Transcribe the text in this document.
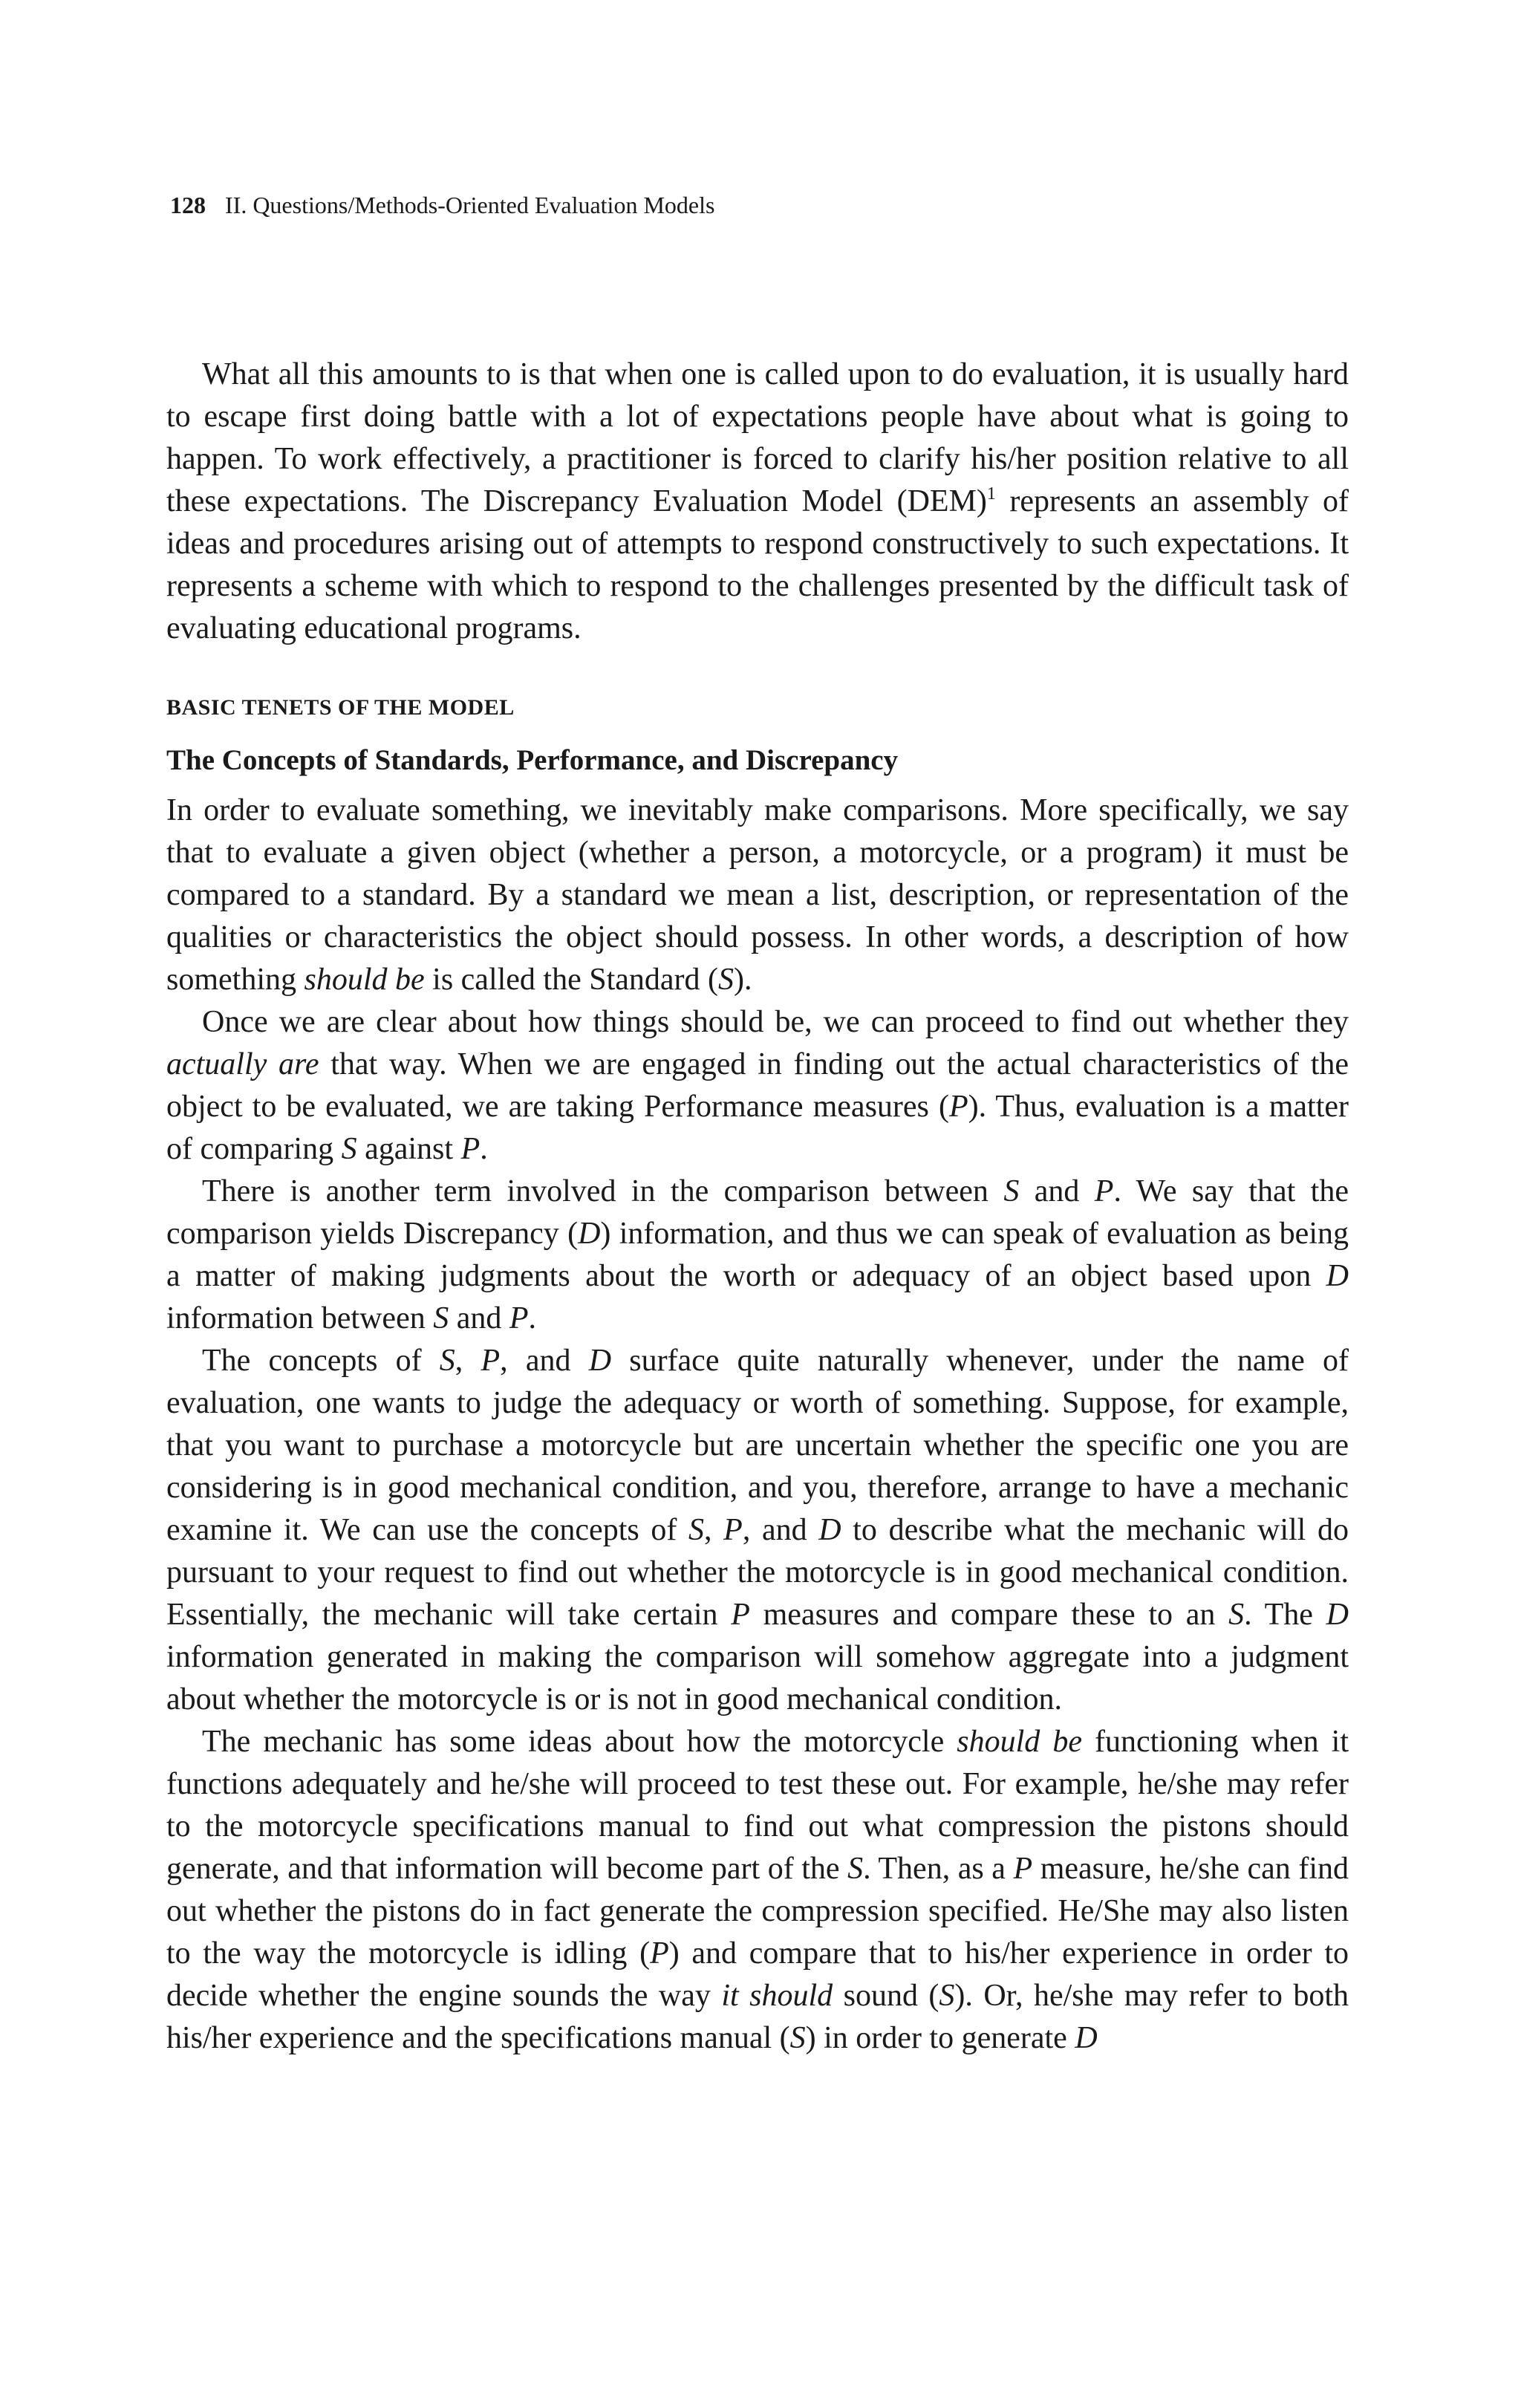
128 II. Questions/Methods-Oriented Evaluation Models

What all this amounts to is that when one is called upon to do evaluation, it is usually hard to escape first doing battle with a lot of expectations people have about what is going to happen. To work effectively, a practitioner is forced to clarify his/her position relative to all these expectations. The Discrepancy Evaluation Model (DEM)$^1$ represents an assembly of ideas and procedures arising out of attempts to respond constructively to such expectations. It represents a scheme with which to respond to the challenges presented by the difficult task of evaluating educational programs.

BASIC TENETS OF THE MODEL
The Concepts of Standards, Performance, and Discrepancy

In order to evaluate something, we inevitably make comparisons. More specifically, we say that to evaluate a given object (whether a person, a motorcycle, or a program) it must be compared to a standard. By a standard we mean a list, description, or representation of the qualities or characteristics the object should possess. In other words, a description of how something should be is called the Standard (S).

Once we are clear about how things should be, we can proceed to find out whether they actually are that way. When we are engaged in finding out the actual characteristics of the object to be evaluated, we are taking Performance measures (P). Thus, evaluation is a matter of comparing S against P.

There is another term involved in the comparison between S and P. We say that the comparison yields Discrepancy (D) information, and thus we can speak of evaluation as being a matter of making judgments about the worth or adequacy of an object based upon D information between S and P.

The concepts of S, P, and D surface quite naturally whenever, under the name of evaluation, one wants to judge the adequacy or worth of something. Suppose, for example, that you want to purchase a motorcycle but are uncertain whether the specific one you are considering is in good mechanical condition, and you, therefore, arrange to have a mechanic examine it. We can use the concepts of S, P, and D to describe what the mechanic will do pursuant to your request to find out whether the motorcycle is in good mechanical condition. Essentially, the mechanic will take certain P measures and compare these to an S. The D information generated in making the comparison will somehow aggregate into a judgment about whether the motorcycle is or is not in good mechanical condition.

The mechanic has some ideas about how the motorcycle should be functioning when it functions adequately and he/she will proceed to test these out. For example, he/she may refer to the motorcycle specifications manual to find out what compression the pistons should generate, and that information will become part of the S. Then, as a P measure, he/she can find out whether the pistons do in fact generate the compression specified. He/She may also listen to the way the motorcycle is idling (P) and compare that to his/her experience in order to decide whether the engine sounds the way it should sound (S). Or, he/she may refer to both his/her experience and the specifications manual (S) in order to generate D
